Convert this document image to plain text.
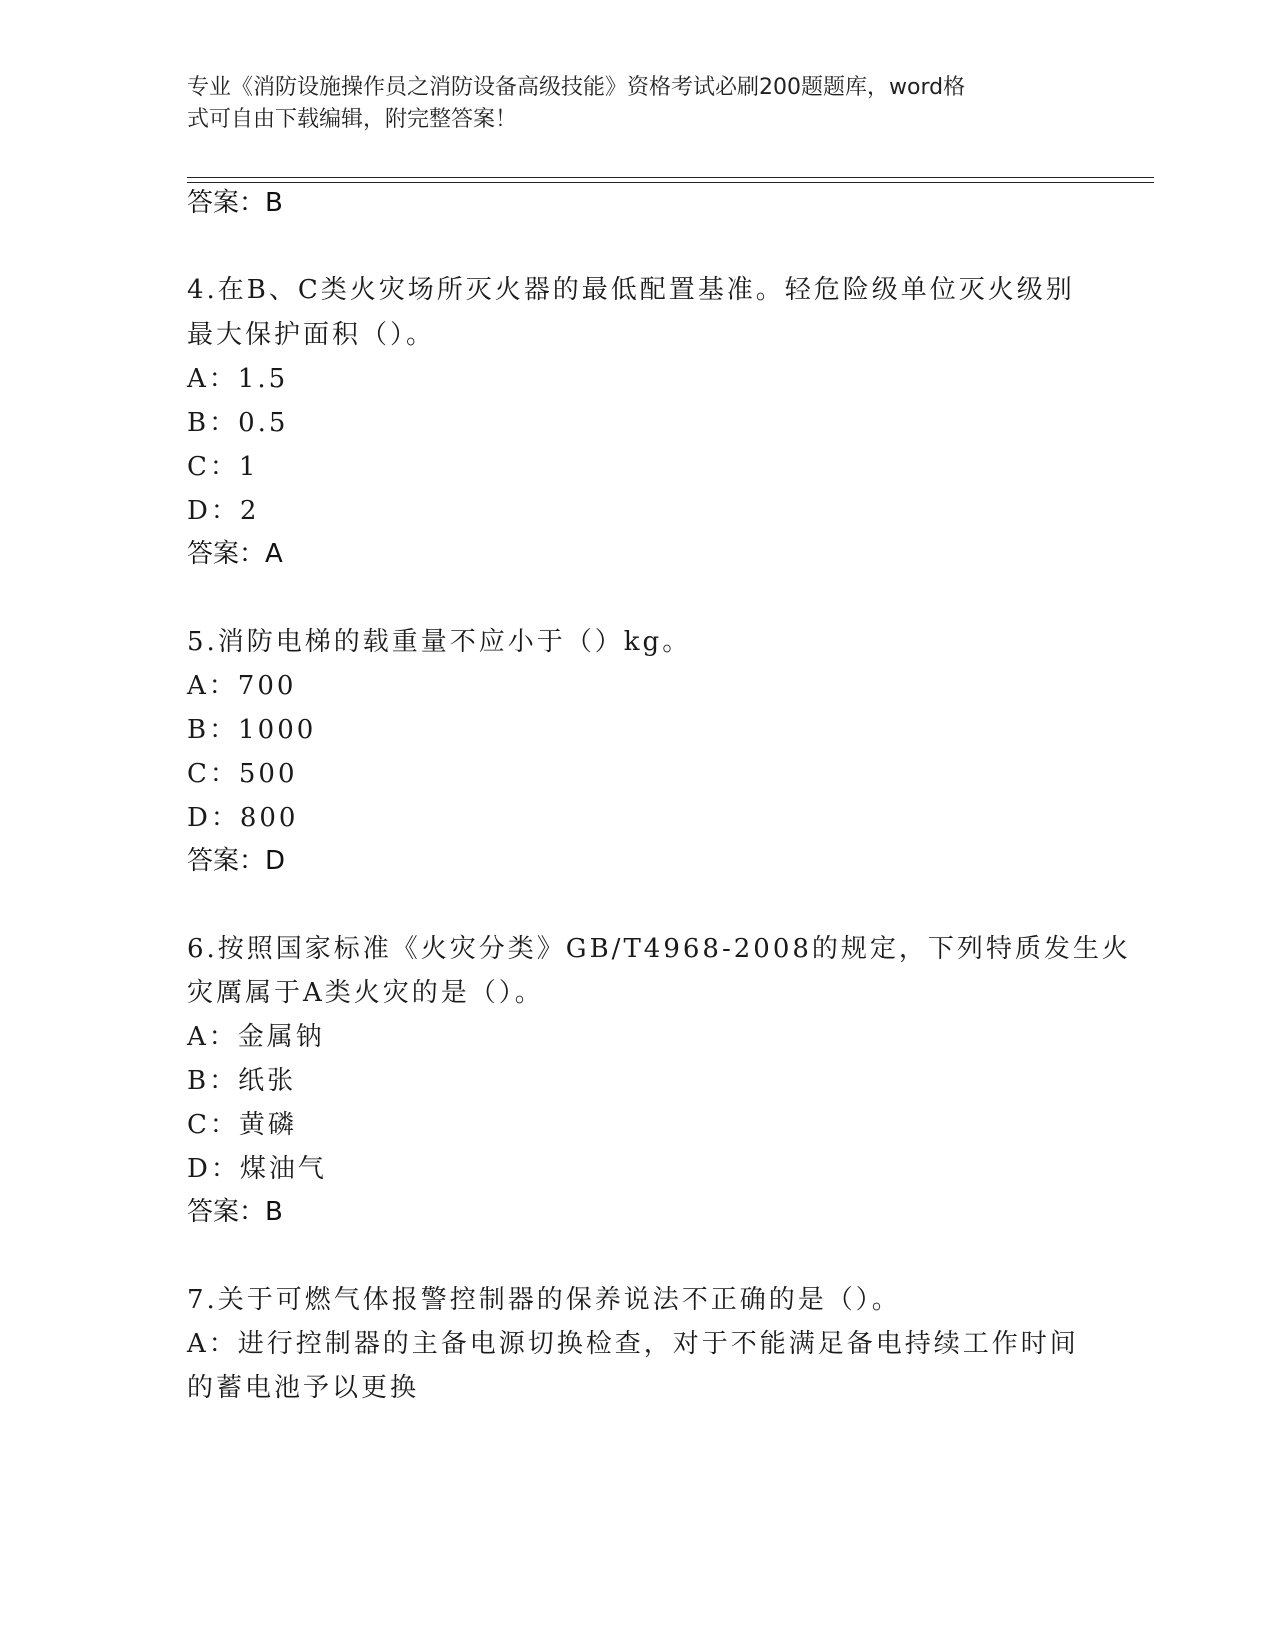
专业《消防设施操作员之消防设备高级技能》资格考试必刷200题题库，word格
式可自由下载编辑，附完整答案！
答案：B
4.在B、C类火灾场所灭火器的最低配置基准。轻危险级单位灭火级别
最大保护面积（）。
A：1.5
B：0.5
C：1
D：2
答案：A
5.消防电梯的载重量不应小于（）kg。
A：700
B：1000
C：500
D：800
答案：D
6.按照国家标准《火灾分类》GB/T4968-2008的规定，下列特质发生火
灾厲属于A类火灾的是（）。
A：金属钠
B：纸张
C：黄磷
D：煤油气
答案：B
7.关于可燃气体报警控制器的保养说法不正确的是（）。
A：进行控制器的主备电源切换检查，对于不能满足备电持续工作时间
的蓄电池予以更换
